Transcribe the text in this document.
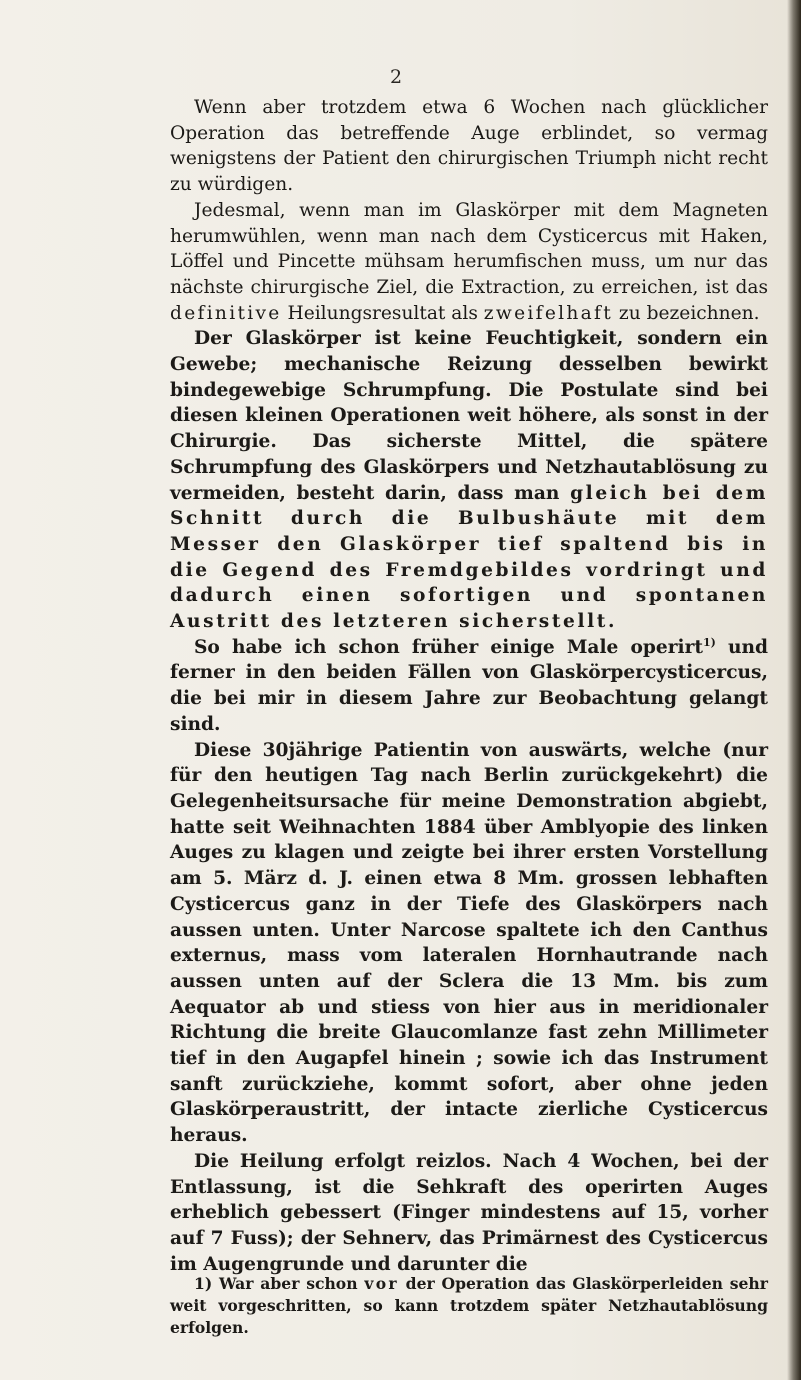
2

Wenn aber trotzdem etwa 6 Wochen nach glücklicher Operation das betreffende Auge erblindet, so vermag wenigstens der Patient den chirurgischen Triumph nicht recht zu würdigen.

Jedesmal, wenn man im Glaskörper mit dem Magneten herumwühlen, wenn man nach dem Cysticercus mit Haken, Löffel und Pincette mühsam herumfischen muss, um nur das nächste chirurgische Ziel, die Extraction, zu erreichen, ist das definitive Heilungsresultat als zweifelhaft zu bezeichnen.

Der Glaskörper ist keine Feuchtigkeit, sondern ein Gewebe; mechanische Reizung desselben bewirkt bindegewebige Schrumpfung. Die Postulate sind bei diesen kleinen Operationen weit höhere, als sonst in der Chirurgie. Das sicherste Mittel, die spätere Schrumpfung des Glaskörpers und Netzhautablösung zu vermeiden, besteht darin, dass man gleich bei dem Schnitt durch die Bulbushäute mit dem Messer den Glaskörper tief spaltend bis in die Gegend des Fremdgebildes vordringt und dadurch einen sofortigen und spontanen Austritt des letzteren sicherstellt.

So habe ich schon früher einige Male operirt$^{1)}$ und ferner in den beiden Fällen von Glaskörpercysticercus, die bei mir in diesem Jahre zur Beobachtung gelangt sind.

Diese 30jährige Patientin von auswärts, welche (nur für den heutigen Tag nach Berlin zurückgekehrt) die Gelegenheitsursache für meine Demonstration abgiebt, hatte seit Weihnachten 1884 über Amblyopie des linken Auges zu klagen und zeigte bei ihrer ersten Vorstellung am 5. März d. J. einen etwa 8 Mm. grossen lebhaften Cysticercus ganz in der Tiefe des Glaskörpers nach aussen unten. Unter Narcose spaltete ich den Canthus externus, mass vom lateralen Hornhautrande nach aussen unten auf der Sclera die 13 Mm. bis zum Aequator ab und stiess von hier aus in meridionaler Richtung die breite Glaucomlanze fast zehn Millimeter tief in den Augapfel hinein ; sowie ich das Instrument sanft zurückziehe, kommt sofort, aber ohne jeden Glaskörperaustritt, der intacte zierliche Cysticercus heraus.

Die Heilung erfolgt reizlos. Nach 4 Wochen, bei der Entlassung, ist die Sehkraft des operirten Auges erheblich gebessert (Finger mindestens auf 15, vorher auf 7 Fuss); der Sehnerv, das Primärnest des Cysticercus im Augengrunde und darunter die

1) War aber schon vor der Operation das Glaskörperleiden sehr weit vorgeschritten, so kann trotzdem später Netzhautablösung erfolgen.
